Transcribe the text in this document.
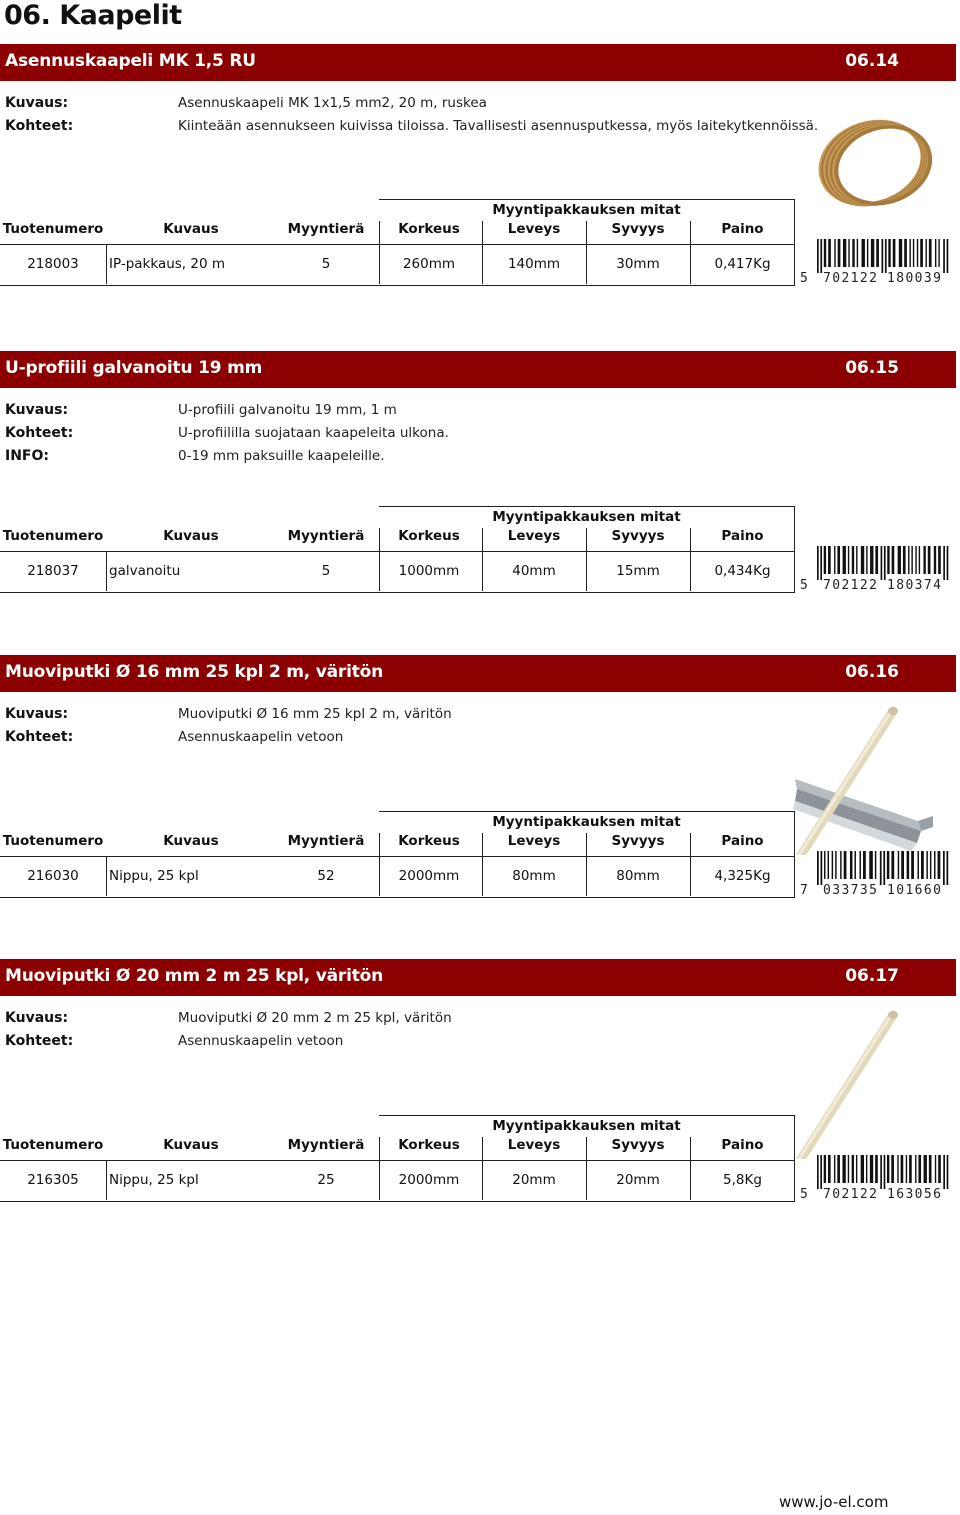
06. Kaapelit
Asennuskaapeli MK 1,5 RU	06.14
Kuvaus:	Asennuskaapeli MK 1x1,5 mm2, 20 m, ruskea
Kohteet:	Kiinteään asennukseen kuivissa tiloissa. Tavallisesti asennusputkessa, myös laitekytkennöissä.
Myyntipakkauksen mitat
Tuotenumero	Kuvaus	Myyntierä	Korkeus	Leveys	Syvyys	Paino
218003	IP-pakkaus, 20 m	5	260mm	140mm	30mm	0,417Kg
5 702122 180039
U-profiili galvanoitu 19 mm	06.15
Kuvaus:	U-profiili galvanoitu 19 mm, 1 m
Kohteet:	U-profiililla suojataan kaapeleita ulkona.
INFO:	0-19 mm paksuille kaapeleille.
Myyntipakkauksen mitat
Tuotenumero	Kuvaus	Myyntierä	Korkeus	Leveys	Syvyys	Paino
218037	galvanoitu	5	1000mm	40mm	15mm	0,434Kg
5 702122 180374
Muoviputki Ø 16 mm 25 kpl 2 m, väritön	06.16
Kuvaus:	Muoviputki Ø 16 mm 25 kpl 2 m, väritön
Kohteet:	Asennuskaapelin vetoon
Myyntipakkauksen mitat
Tuotenumero	Kuvaus	Myyntierä	Korkeus	Leveys	Syvyys	Paino
216030	Nippu, 25 kpl	52	2000mm	80mm	80mm	4,325Kg
7 033735 101660
Muoviputki Ø 20 mm 2 m 25 kpl, väritön	06.17
Kuvaus:	Muoviputki Ø 20 mm 2 m 25 kpl, väritön
Kohteet:	Asennuskaapelin vetoon
Myyntipakkauksen mitat
Tuotenumero	Kuvaus	Myyntierä	Korkeus	Leveys	Syvyys	Paino
216305	Nippu, 25 kpl	25	2000mm	20mm	20mm	5,8Kg
5 702122 163056
www.jo-el.com
